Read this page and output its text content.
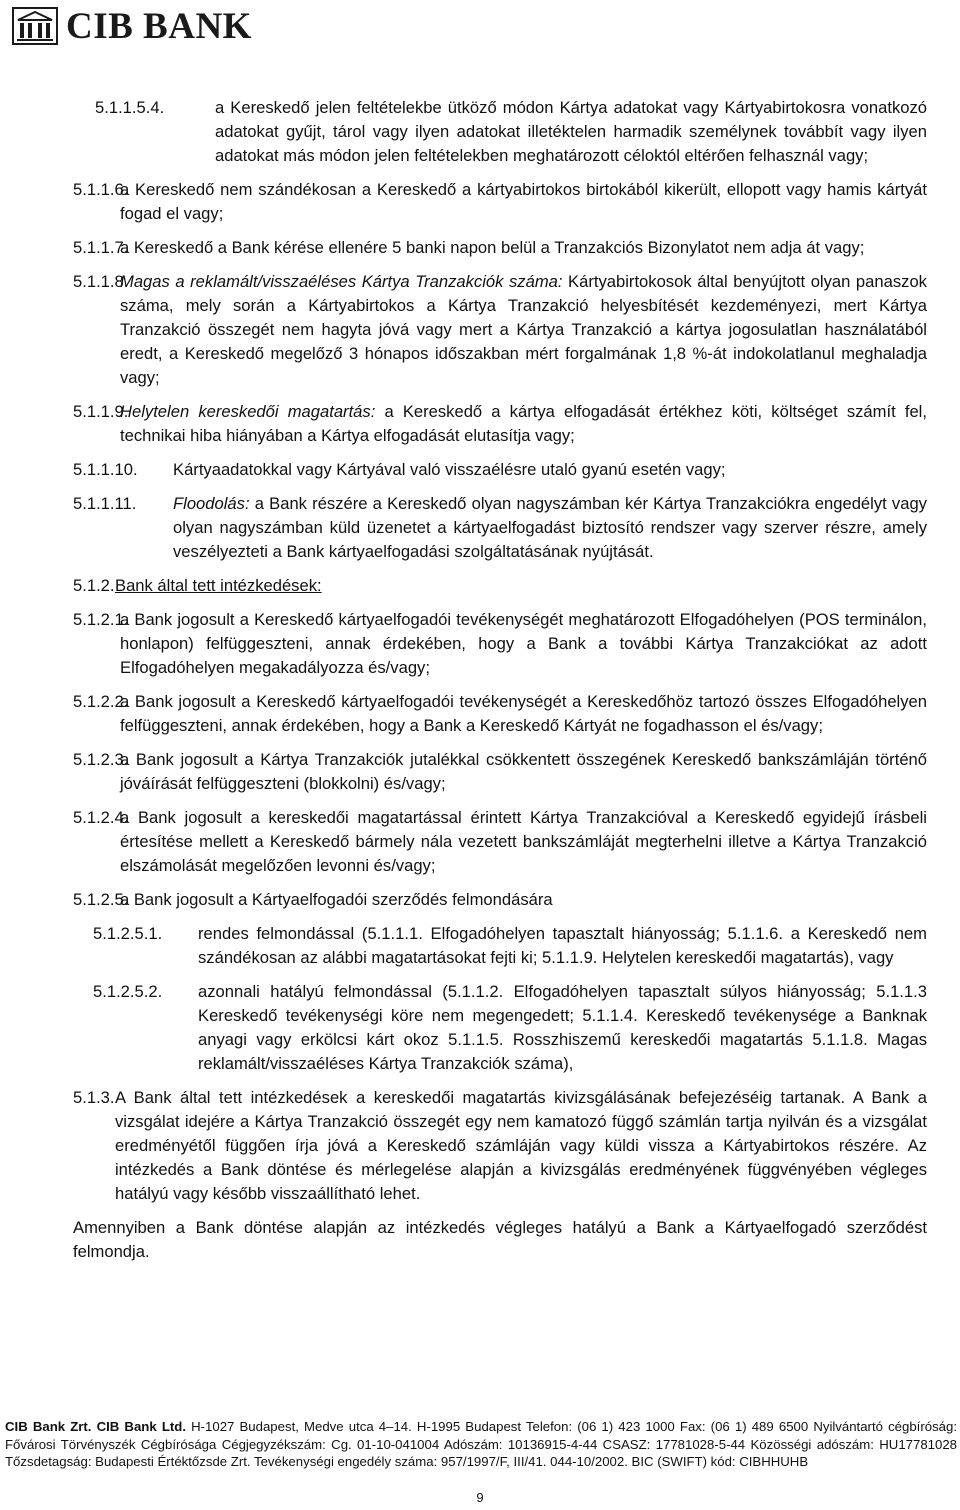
CIB BANK
5.1.1.5.4.	a Kereskedő jelen feltételekbe ütköző módon Kártya adatokat vagy Kártyabirtokosra vonatkozó adatokat gyűjt, tárol vagy ilyen adatokat illetéktelen harmadik személynek továbbít vagy ilyen adatokat más módon jelen feltételekben meghatározott céloktól eltérően felhasznál vagy;
5.1.1.6.
a Kereskedő nem szándékosan a Kereskedő a kártyabirtokos birtokából kikerült, ellopott vagy hamis kártyát fogad el vagy;
5.1.1.7.
a Kereskedő a Bank kérése ellenére 5 banki napon belül a Tranzakciós Bizonylatot nem adja át vagy;
5.1.1.8.
Magas a reklamált/visszaéléses Kártya Tranzakciók száma: Kártyabirtokosok által benyújtott olyan panaszok száma, mely során a Kártyabirtokos a Kártya Tranzakció helyesbítését kezdeményezi, mert Kártya Tranzakció összegét nem hagyta jóvá vagy mert a Kártya Tranzakció a kártya jogosulatlan használatából eredt, a Kereskedő megelőző 3 hónapos időszakban mért forgalmának 1,8 %-át indokolatlanul meghaladja vagy;
5.1.1.9.
Helytelen kereskedői magatartás: a Kereskedő a kártya elfogadását értékhez köti, költséget számít fel, technikai hiba hiányában a Kártya elfogadását elutasítja vagy;
5.1.1.10.	Kártyaadatokkal vagy Kártyával való visszaélésre utaló gyanú esetén vagy;
5.1.1.11.	Floodolás: a Bank részére a Kereskedő olyan nagyszámban kér Kártya Tranzakciókra engedélyt vagy olyan nagyszámban küld üzenetet a kártyaelfogadást biztosító rendszer vagy szerver részre, amely veszélyezteti a Bank kártyaelfogadási szolgáltatásának nyújtását.
5.1.2. Bank által tett intézkedések:
5.1.2.1.
a Bank jogosult a Kereskedő kártyaelfogadói tevékenységét meghatározott Elfogadóhelyen (POS terminálon, honlapon) felfüggeszteni, annak érdekében, hogy a Bank a további Kártya Tranzakciókat az adott Elfogadóhelyen megakadályozza és/vagy;
5.1.2.2.
a Bank jogosult a Kereskedő kártyaelfogadói tevékenységét a Kereskedőhöz tartozó összes Elfogadóhelyen felfüggeszteni, annak érdekében, hogy a Bank a Kereskedő Kártyát ne fogadhasson el és/vagy;
5.1.2.3.
a Bank jogosult a Kártya Tranzakciók jutalékkal csökkentett összegének Kereskedő bankszámláján történő jóváírását felfüggeszteni (blokkolni) és/vagy;
5.1.2.4.
a Bank jogosult a kereskedői magatartással érintett Kártya Tranzakcióval a Kereskedő egyidejű írásbeli értesítése mellett a Kereskedő bármely nála vezetett bankszámláját megterhelni illetve a Kártya Tranzakció elszámolását megelőzően levonni és/vagy;
5.1.2.5.
a Bank jogosult a Kártyaelfogadói szerződés felmondására
5.1.2.5.1.	rendes felmondással (5.1.1.1. Elfogadóhelyen tapasztalt hiányosság; 5.1.1.6. a Kereskedő nem szándékosan az alábbi magatartásokat fejti ki; 5.1.1.9. Helytelen kereskedői magatartás), vagy
5.1.2.5.2.	azonnali hatályú felmondással (5.1.1.2. Elfogadóhelyen tapasztalt súlyos hiányosság; 5.1.1.3 Kereskedő tevékenységi köre nem megengedett; 5.1.1.4. Kereskedő tevékenysége a Banknak anyagi vagy erkölcsi kárt okoz 5.1.1.5. Rosszhiszemű kereskedői magatartás 5.1.1.8. Magas reklamált/visszaéléses Kártya Tranzakciók száma),
5.1.3. A Bank által tett intézkedések a kereskedői magatartás kivizsgálásának befejezéséig tartanak. A Bank a vizsgálat idejére a Kártya Tranzakció összegét egy nem kamatozó függő számlán tartja nyilván és a vizsgálat eredményétől függően írja jóvá a Kereskedő számláján vagy küldi vissza a Kártyabirtokos részére. Az intézkedés a Bank döntése és mérlegelése alapján a kivizsgálás eredményének függvényében végleges hatályú vagy később visszaállítható lehet.

Amennyiben a Bank döntése alapján az intézkedés végleges hatályú a Bank a Kártyaelfogadó szerződést felmondja.

CIB Bank Zrt. CIB Bank Ltd. H-1027 Budapest, Medve utca 4–14. H-1995 Budapest Telefon: (06 1) 423 1000 Fax: (06 1) 489 6500 Nyilvántartó cégbíróság: Fővárosi Törvényszék Cégbírósága Cégjegyzékszám: Cg. 01-10-041004 Adószám: 10136915-4-44 CSASZ: 17781028-5-44 Közösségi adószám: HU17781028 Tőzsdetagság: Budapesti Értéktőzsde Zrt. Tevékenységi engedély száma: 957/1997/F, III/41. 044-10/2002. BIC (SWIFT) kód: CIBHHUHB
9
